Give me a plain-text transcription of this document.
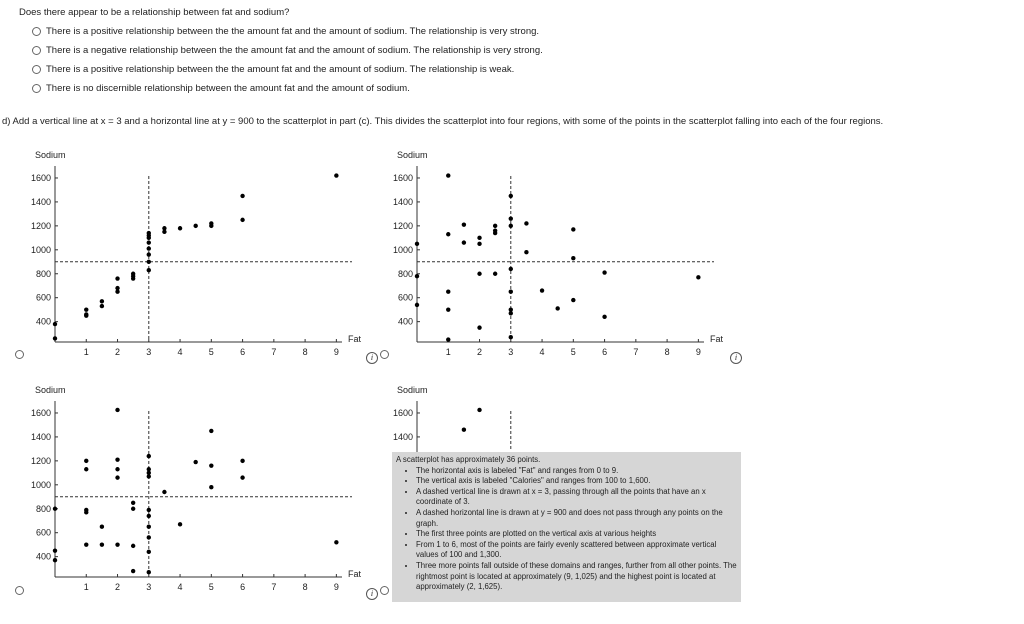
Does there appear to be a relationship between fat and sodium?
There is a positive relationship between the the amount fat and the amount of sodium. The relationship is very strong.
There is a negative relationship between the the amount fat and the amount of sodium. The relationship is very strong.
There is a positive relationship between the the amount fat and the amount of sodium. The relationship is weak.
There is no discernible relationship between the amount fat and the amount of sodium.
d) Add a vertical line at x = 3 and a horizontal line at y = 900 to the scatterplot in part (c). This divides the scatterplot into four regions, with some of the points in the scatterplot falling into each of the four regions.
400
600
800
1000
1200
1400
1600
1	2	3	4	5	6	7	8	9
Fat
Sodium
400
600
800
1000
1200
1400
1600
1	2	3	4	5	6	7	8	9
Fat
Sodium
400
600
800
1000
1200
1400
1600
1	2	3	4	5	6	7	8	9
Fat
Sodium
1400
1600
Sodium
i	i
i
A scatterplot has approximately 36 points.
• The horizontal axis is labeled "Fat" and ranges from 0 to 9.
• The vertical axis is labeled "Calories" and ranges from 100 to 1,600.
• A dashed vertical line is drawn at x = 3, passing through all the points that have an x coordinate of 3.
• A dashed horizontal line is drawn at y = 900 and does not pass through any points on the graph.
• The first three points are plotted on the vertical axis at various heights
• From 1 to 6, most of the points are fairly evenly scattered between approximate vertical values of 100 and 1,300.
• Three more points fall outside of these domains and ranges, further from all other points. The rightmost point is located at approximately (9, 1,025) and the highest point is located at approximately (2, 1,625).
